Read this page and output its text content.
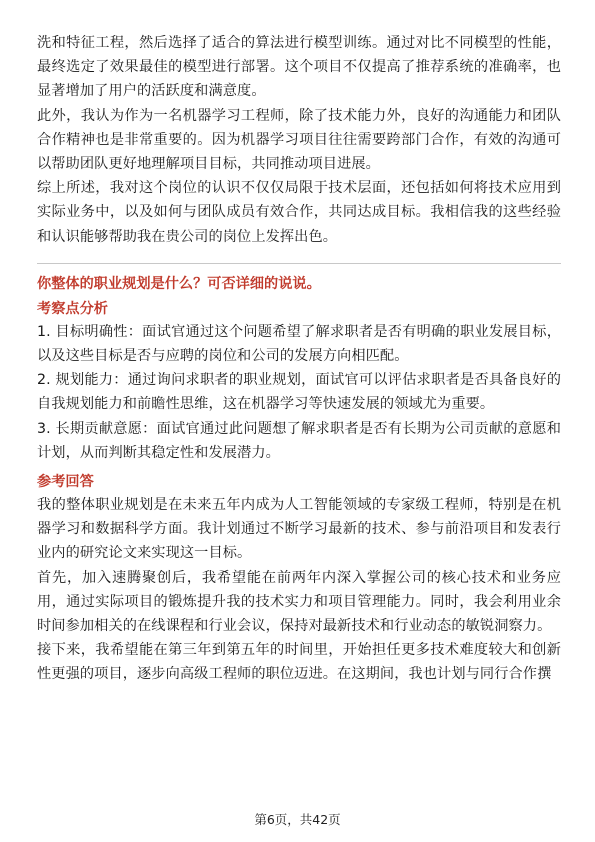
洗和特征工程，然后选择了适合的算法进行模型训练。通过对比不同模型的性能，最终选定了效果最佳的模型进行部署。这个项目不仅提高了推荐系统的准确率，也显著增加了用户的活跃度和满意度。

此外，我认为作为一名机器学习工程师，除了技术能力外，良好的沟通能力和团队合作精神也是非常重要的。因为机器学习项目往往需要跨部门合作，有效的沟通可以帮助团队更好地理解项目目标，共同推动项目进展。

综上所述，我对这个岗位的认识不仅仅局限于技术层面，还包括如何将技术应用到实际业务中，以及如何与团队成员有效合作，共同达成目标。我相信我的这些经验和认识能够帮助我在贵公司的岗位上发挥出色。

你整体的职业规划是什么？可否详细的说说。

考察点分析

1. 目标明确性：面试官通过这个问题希望了解求职者是否有明确的职业发展目标，以及这些目标是否与应聘的岗位和公司的发展方向相匹配。

2. 规划能力：通过询问求职者的职业规划，面试官可以评估求职者是否具备良好的自我规划能力和前瞻性思维，这在机器学习等快速发展的领域尤为重要。

3. 长期贡献意愿：面试官通过此问题想了解求职者是否有长期为公司贡献的意愿和计划，从而判断其稳定性和发展潜力。

参考回答

我的整体职业规划是在未来五年内成为人工智能领域的专家级工程师，特别是在机器学习和数据科学方面。我计划通过不断学习最新的技术、参与前沿项目和发表行业内的研究论文来实现这一目标。

首先，加入速腾聚创后，我希望能在前两年内深入掌握公司的核心技术和业务应用，通过实际项目的锻炼提升我的技术实力和项目管理能力。同时，我会利用业余时间参加相关的在线课程和行业会议，保持对最新技术和行业动态的敏锐洞察力。

接下来，我希望能在第三年到第五年的时间里，开始担任更多技术难度较大和创新性更强的项目，逐步向高级工程师的职位迈进。在这期间，我也计划与同行合作撰

第6页，共42页
